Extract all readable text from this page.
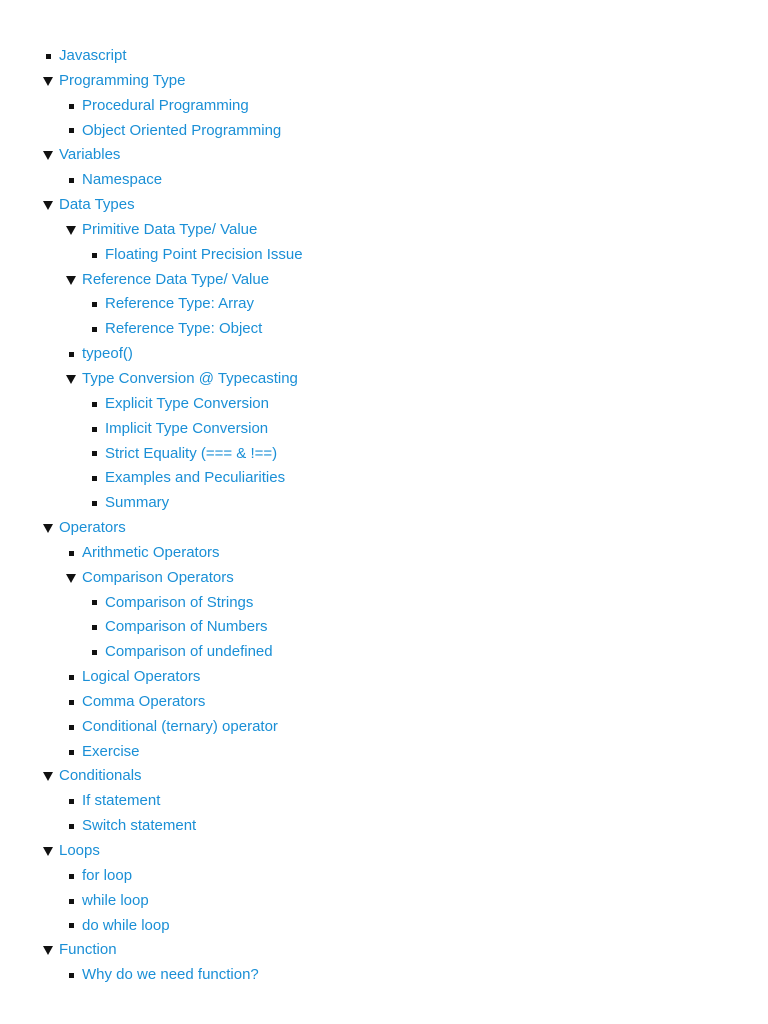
Javascript
Programming Type
Procedural Programming
Object Oriented Programming
Variables
Namespace
Data Types
Primitive Data Type/ Value
Floating Point Precision Issue
Reference Data Type/ Value
Reference Type: Array
Reference Type: Object
typeof()
Type Conversion @ Typecasting
Explicit Type Conversion
Implicit Type Conversion
Strict Equality (=== & !==)
Examples and Peculiarities
Summary
Operators
Arithmetic Operators
Comparison Operators
Comparison of Strings
Comparison of Numbers
Comparison of undefined
Logical Operators
Comma Operators
Conditional (ternary) operator
Exercise
Conditionals
If statement
Switch statement
Loops
for loop
while loop
do while loop
Function
Why do we need function?
